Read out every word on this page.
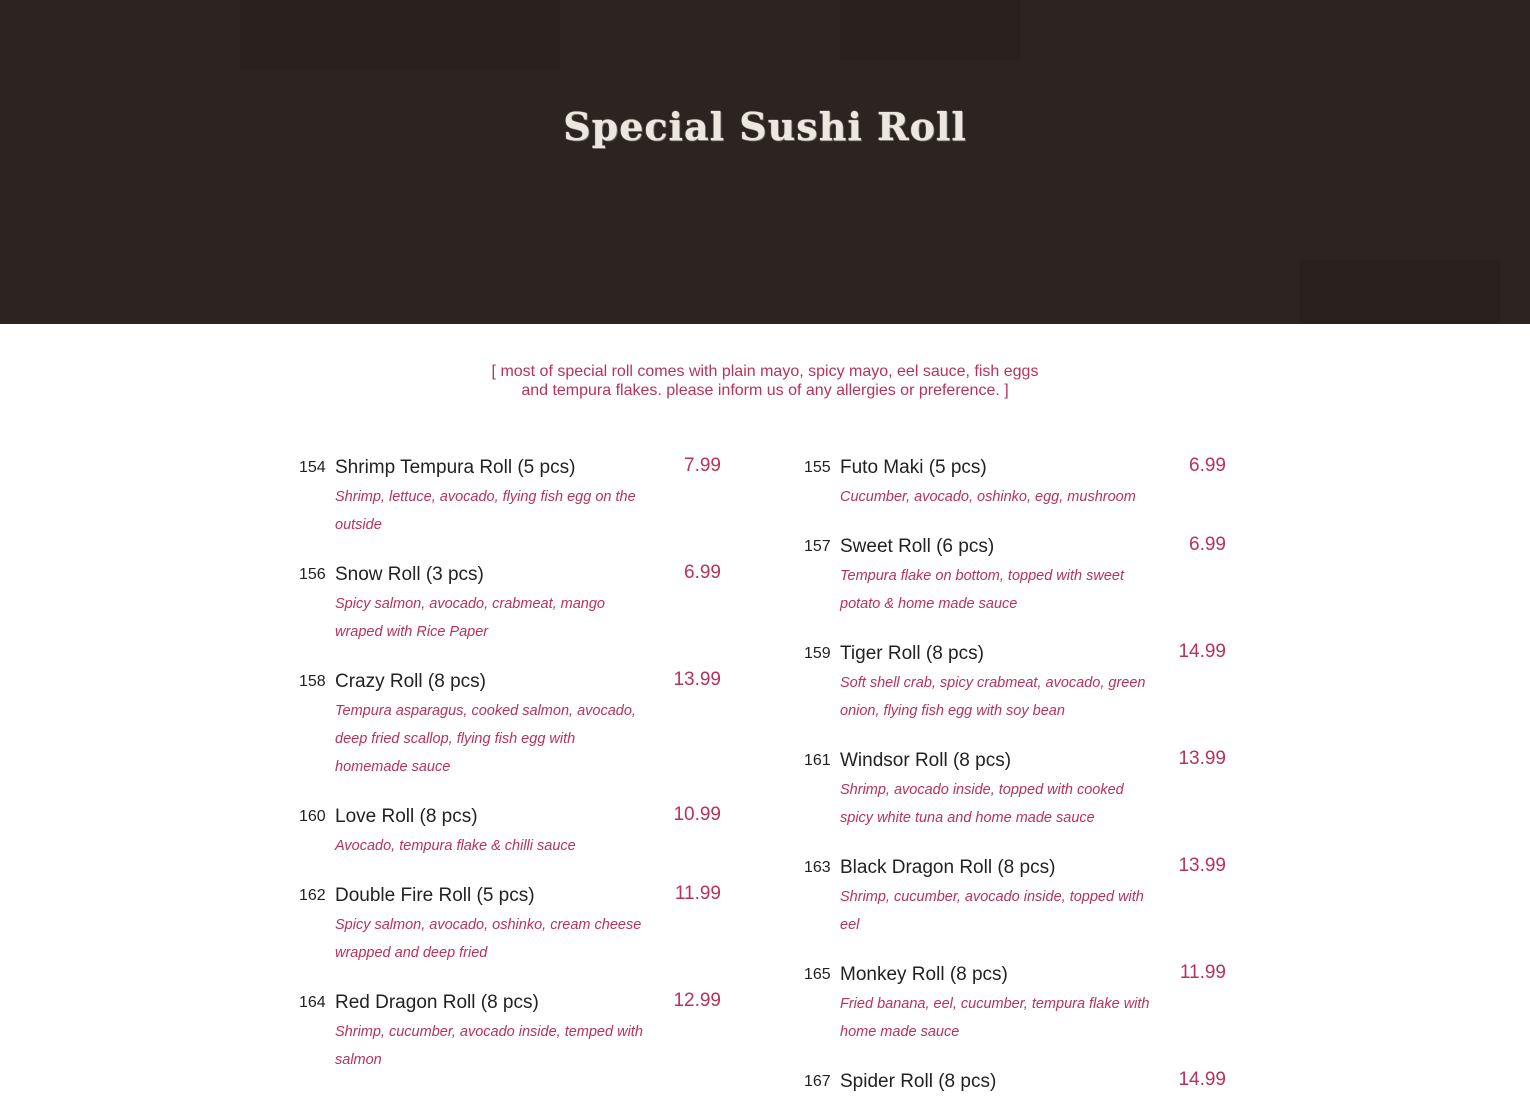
Special Sushi Roll
[ most of special roll comes with plain mayo, spicy mayo, eel sauce, fish eggs
and tempura flakes. please inform us of any allergies or preference. ]
154 Shrimp Tempura Roll (5 pcs)	7.99
Shrimp, lettuce, avocado, flying fish egg on the outside
156 Snow Roll (3 pcs)	6.99
Spicy salmon, avocado, crabmeat, mango wraped with Rice Paper
158 Crazy Roll (8 pcs)	13.99
Tempura asparagus, cooked salmon, avocado, deep fried scallop, flying fish egg with homemade sauce
160 Love Roll (8 pcs)	10.99
Avocado, tempura flake & chilli sauce
162 Double Fire Roll (5 pcs)	11.99
Spicy salmon, avocado, oshinko, cream cheese wrapped and deep fried
164 Red Dragon Roll (8 pcs)	12.99
Shrimp, cucumber, avocado inside, temped with salmon
155 Futo Maki (5 pcs)	6.99
Cucumber, avocado, oshinko, egg, mushroom
157 Sweet Roll (6 pcs)	6.99
Tempura flake on bottom, topped with sweet potato & home made sauce
159 Tiger Roll (8 pcs)	14.99
Soft shell crab, spicy crabmeat, avocado, green onion, flying fish egg with soy bean
161 Windsor Roll (8 pcs)	13.99
Shrimp, avocado inside, topped with cooked spicy white tuna and home made sauce
163 Black Dragon Roll (8 pcs)	13.99
Shrimp, cucumber, avocado inside, topped with eel
165 Monkey Roll (8 pcs)	11.99
Fried banana, eel, cucumber, tempura flake with home made sauce
167 Spider Roll (8 pcs)	14.99
